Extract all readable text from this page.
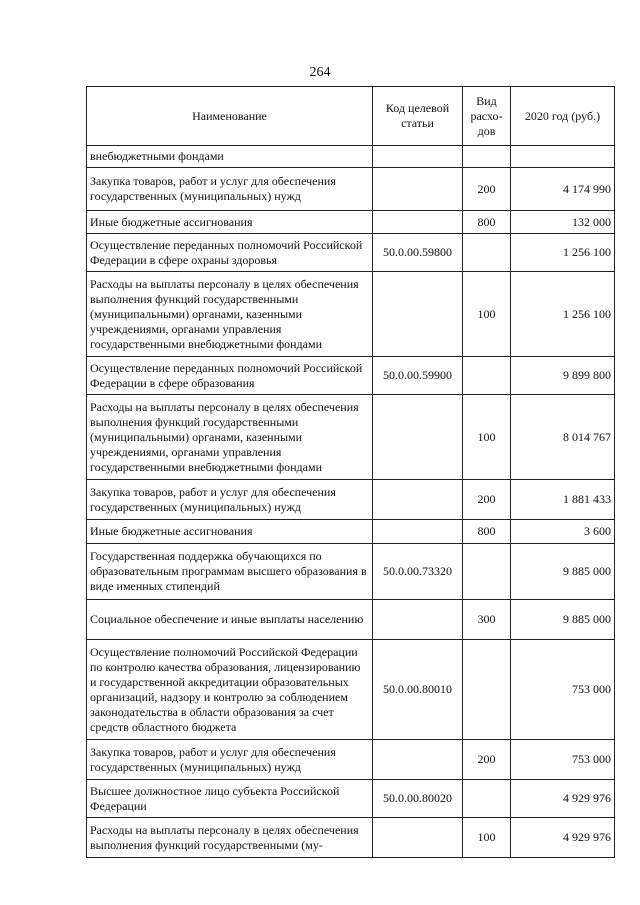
264
Наименование	Код целевой статьи	Вид расхо- дов	2020 год (руб.)
внебюджетными фондами			
Закупка товаров, работ и услуг для обеспечения государственных (муниципальных) нужд		200	4 174 990
Иные бюджетные ассигнования		800	132 000
Осуществление переданных полномочий Российской Федерации в сфере охраны здоровья	50.0.00.59800		1 256 100
Расходы на выплаты персоналу в целях обеспечения выполнения функций государственными (муниципальными) органами, казенными учреждениями, органами управления государственными внебюджетными фондами		100	1 256 100
Осуществление переданных полномочий Российской Федерации в сфере образования	50.0.00.59900		9 899 800
Расходы на выплаты персоналу в целях обеспечения выполнения функций государственными (муниципальными) органами, казенными учреждениями, органами управления государственными внебюджетными фондами		100	8 014 767
Закупка товаров, работ и услуг для обеспечения государственных (муниципальных) нужд		200	1 881 433
Иные бюджетные ассигнования		800	3 600
Государственная поддержка обучающихся по образовательным программам высшего образования в виде именных стипендий	50.0.00.73320		9 885 000
Социальное обеспечение и иные выплаты населению		300	9 885 000
Осуществление полномочий Российской Федерации по контролю качества образования, лицензированию и государственной аккредитации образовательных организаций, надзору и контролю за соблюдением законодательства в области образования за счет средств областного бюджета	50.0.00.80010		753 000
Закупка товаров, работ и услуг для обеспечения государственных (муниципальных) нужд		200	753 000
Высшее должностное лицо субъекта Российской Федерации	50.0.00.80020		4 929 976
Расходы на выплаты персоналу в целях обеспечения выполнения функций государственными (му-		100	4 929 976
